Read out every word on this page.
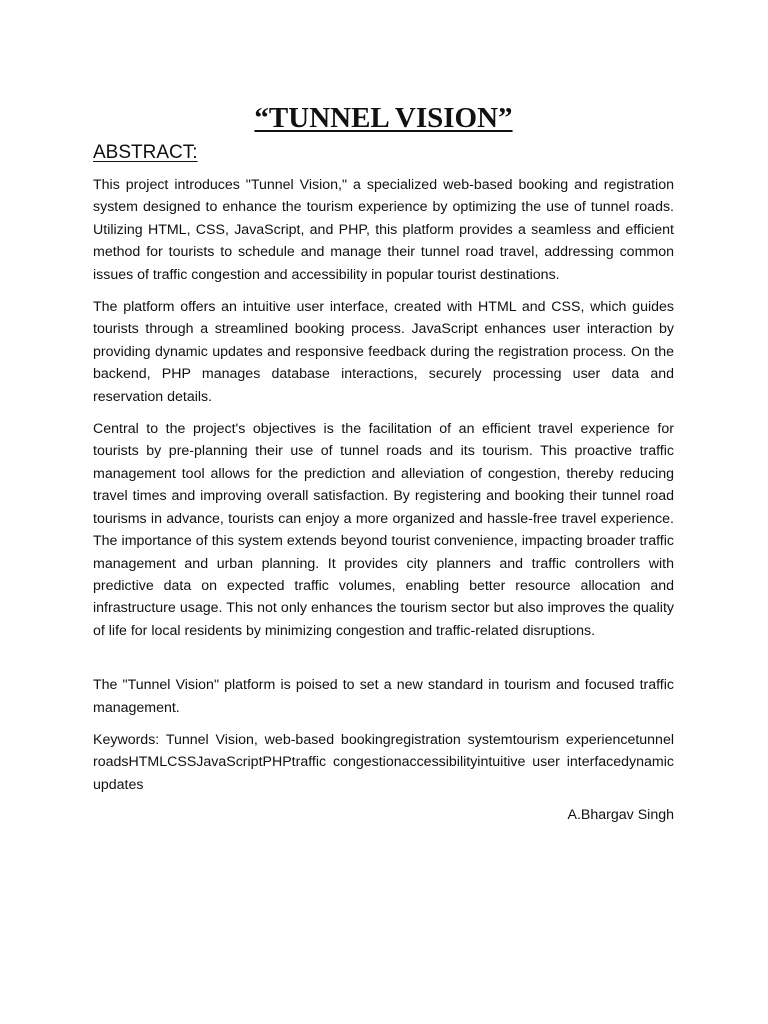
“TUNNEL VISION”
ABSTRACT:

This project introduces "Tunnel Vision," a specialized web-based booking and registration system designed to enhance the tourism experience by optimizing the use of tunnel roads. Utilizing HTML, CSS, JavaScript, and PHP, this platform provides a seamless and efficient method for tourists to schedule and manage their tunnel road travel, addressing common issues of traffic congestion and accessibility in popular tourist destinations.

The platform offers an intuitive user interface, created with HTML and CSS, which guides tourists through a streamlined booking process. JavaScript enhances user interaction by providing dynamic updates and responsive feedback during the registration process. On the backend, PHP manages database interactions, securely processing user data and reservation details.

Central to the project's objectives is the facilitation of an efficient travel experience for tourists by pre-planning their use of tunnel roads and its tourism. This proactive traffic management tool allows for the prediction and alleviation of congestion, thereby reducing travel times and improving overall satisfaction. By registering and booking their tunnel road tourisms in advance, tourists can enjoy a more organized and hassle-free travel experience. The importance of this system extends beyond tourist convenience, impacting broader traffic management and urban planning. It provides city planners and traffic controllers with predictive data on expected traffic volumes, enabling better resource allocation and infrastructure usage. This not only enhances the tourism sector but also improves the quality of life for local residents by minimizing congestion and traffic-related disruptions.

The "Tunnel Vision" platform is poised to set a new standard in tourism and focused traffic management.

Keywords: Tunnel Vision, web-based bookingregistration systemtourism experiencetunnel roadsHTMLCSSJavaScriptPHPtraffic congestionaccessibilityintuitive user interfacedynamic updates

A.Bhargav Singh
